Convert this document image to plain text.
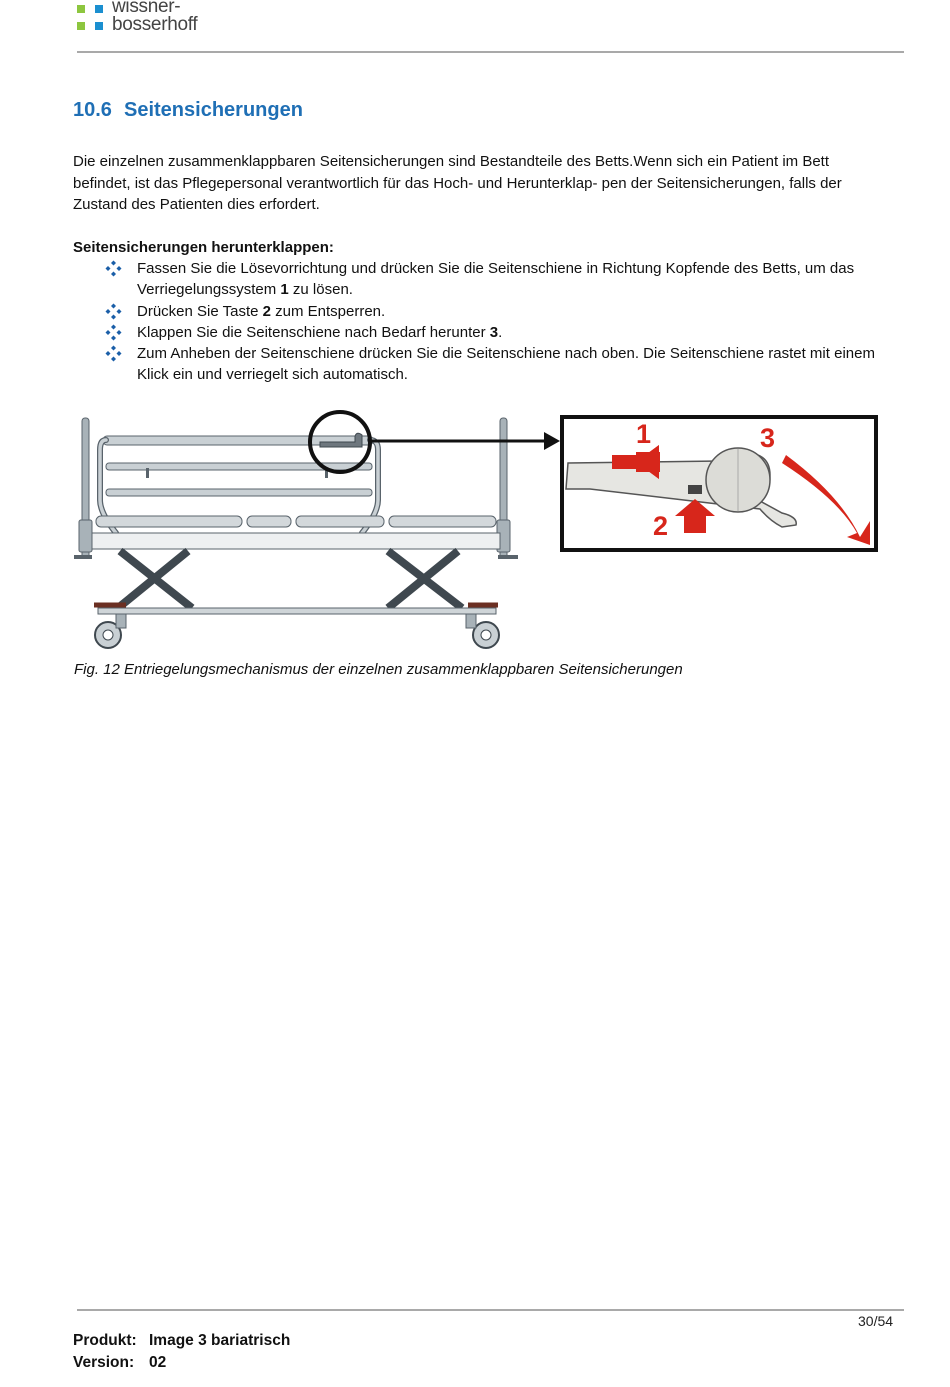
wissner-
bosserhoff
10.6 Seitensicherungen
Die einzelnen zusammenklappbaren Seitensicherungen sind Bestandteile des Betts.Wenn sich ein Patient im Bett befindet, ist das Pflegepersonal verantwortlich für das Hoch- und Herunterklap- pen der Seitensicherungen, falls der Zustand des Patienten dies erfordert.
Seitensicherungen herunterklappen:
Fassen Sie die Lösevorrichtung und drücken Sie die Seitenschiene in Richtung Kopfende des Betts, um das Verriegelungssystem 1 zu lösen.
Drücken Sie Taste 2 zum Entsperren.
Klappen Sie die Seitenschiene nach Bedarf herunter 3.
Zum Anheben der Seitenschiene drücken Sie die Seitenschiene nach oben. Die Seitenschiene rastet mit einem Klick ein und verriegelt sich automatisch.
1	3
2
Fig. 12 Entriegelungsmechanismus der einzelnen zusammenklappbaren Seitensicherungen
30/54
Produkt: Image 3 bariatrisch
Version: 02
